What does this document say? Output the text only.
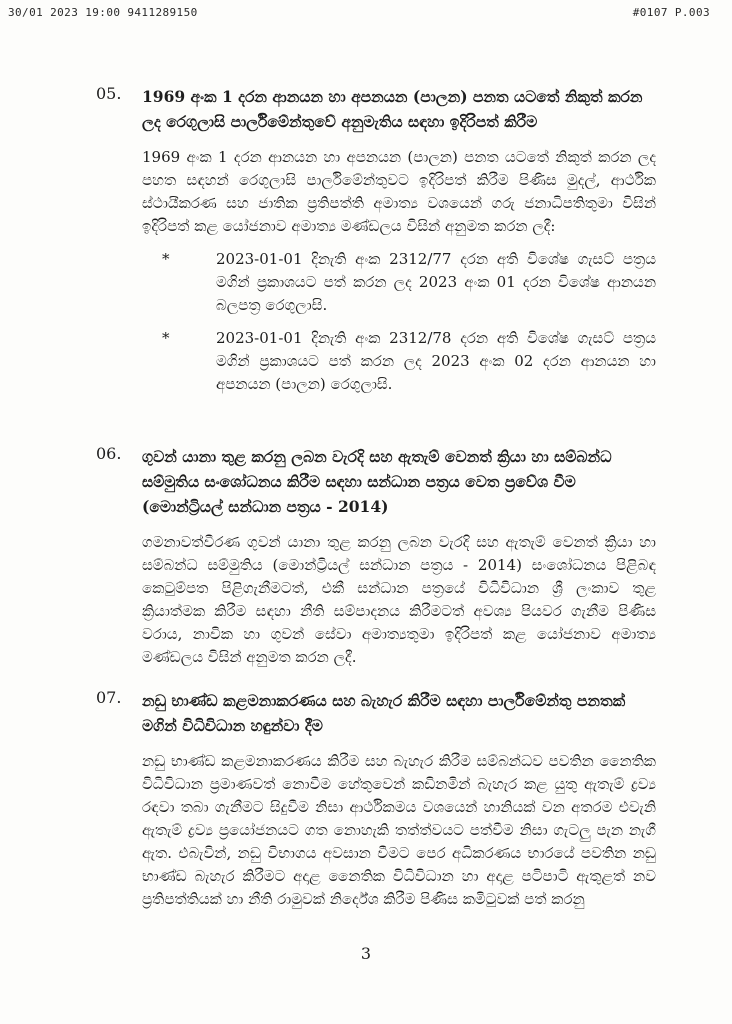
30/01 2023 19:00 9411289150	#0107 P.003
05. 1969 අංක 1 දරන ආනයන හා අපනයන (පාලන) පනත යටතේ නිකුත් කරන ලද රෙගුලාසි පාර්ලිමේන්තුවේ අනුමැතිය සඳහා ඉදිරිපත් කිරීම
1969 අංක 1 දරන ආනයන හා අපනයන (පාලන) පනත යටතේ නිකුත් කරන ලද පහත සඳහන් රෙගුලාසි පාර්ලිමේන්තුවට ඉදිරිපත් කිරීම පිණිස මුදල්, ආර්ථික ස්ථායීකරණ සහ ජාතික ප්‍රතිපත්ති අමාත්‍ය වශයෙන් ගරු ජනාධිපතිතුමා විසින් ඉදිරිපත් කළ යෝජනාව අමාත්‍ය මණ්ඩලය විසින් අනුමත කරන ලදී:
*	2023-01-01 දිනැති අංක 2312/77 දරන අති විශේෂ ගැසට් පත්‍රය මගින් ප්‍රකාශයට පත් කරන ලද 2023 අංක 01 දරන විශේෂ ආනයන බලපත්‍ර රෙගුලාසි.
*	2023-01-01 දිනැති අංක 2312/78 දරන අති විශේෂ ගැසට් පත්‍රය මගින් ප්‍රකාශයට පත් කරන ලද 2023 අංක 02 දරන ආනයන හා අපනයන (පාලන) රෙගුලාසි.
06. ගුවන් යානා තුළ කරනු ලබන වැරදි සහ ඇතැම් වෙනත් ක්‍රියා හා සම්බන්ධ සම්මුතිය සංශෝධනය කිරීම සඳහා සන්ධාන පත්‍රය වෙත ප්‍රවේශ වීම (මොන්ට්‍රියල් සන්ධාන පත්‍රය - 2014)
ගමනාවත්වීරණ ගුවන් යානා තුළ කරනු ලබන වැරදි සහ ඇතැම් වෙනත් ක්‍රියා හා සම්බන්ධ සම්මුතිය (මොන්ට්‍රියල් සන්ධාන පත්‍රය - 2014) සංශෝධනය පිළිබඳ කෙටුම්පත පිළිගැනීමටත්, එකී සන්ධාන පත්‍රයේ විධිවිධාන ශ්‍රී ලංකාව තුළ ක්‍රියාත්මක කිරීම සඳහා නීති සම්පාදනය කිරීමටත් අවශ්‍ය පියවර ගැනීම පිණිස වරාය, නාවික හා ගුවන් සේවා අමාත්‍යතුමා ඉදිරිපත් කළ යෝජනාව අමාත්‍ය මණ්ඩලය විසින් අනුමත කරන ලදී.
07. නඩු භාණ්ඩ කළමනාකරණය සහ බැහැර කිරීම සඳහා පාර්ලිමේන්තු පනතක් මගින් විධිවිධාන හඳුන්වා දීම
නඩු භාණ්ඩ කළමනාකරණය කිරීම සහ බැහැර කිරීම සම්බන්ධව පවතින නෛතික විධිවිධාන ප්‍රමාණවත් නොවීම හේතුවෙන් කඩිනමින් බැහැර කළ යුතු ඇතැම් ද්‍රව්‍ය රඳවා තබා ගැනීමට සිදුවීම නිසා ආර්ථිකමය වශයෙන් හානියක් වන අතරම එවැනි ඇතැම් ද්‍රව්‍ය ප්‍රයෝජනයට ගත නොහැකි තත්ත්වයට පත්වීම නිසා ගැටලු පැන නැගී ඇත. එබැවින්, නඩු විභාගය අවසාන වීමට පෙර අධිකරණය භාරයේ පවතින නඩු භාණ්ඩ බැහැර කිරීමට අදාළ නෛතික විධිවිධාන හා අදාළ පටිපාටි ඇතුළත් නව ප්‍රතිපත්තියක් හා නීති රාමුවක් නිර්දේශ කිරීම පිණිස කමිටුවක් පත් කරනු
3
